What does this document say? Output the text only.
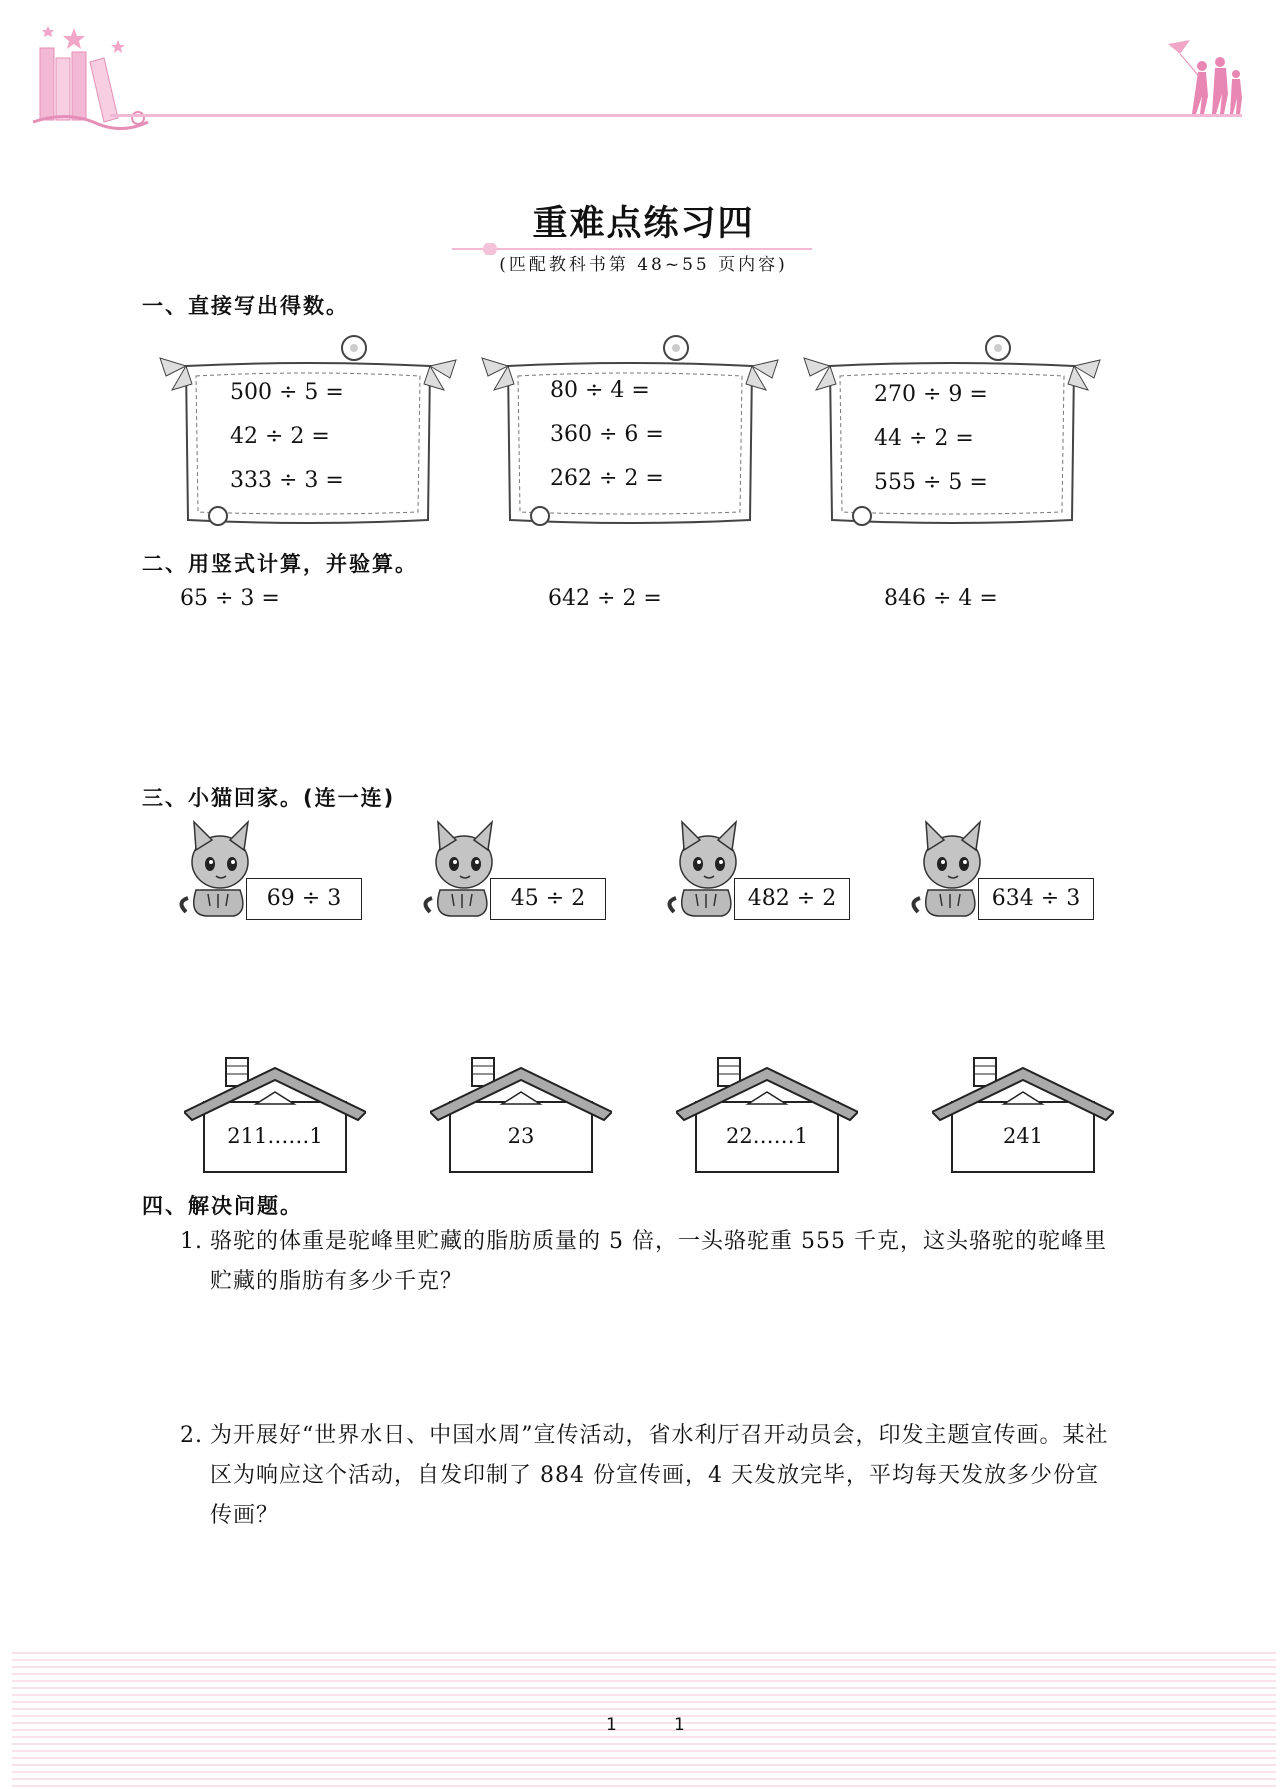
重难点练习四
(匹配教科书第 48~55 页内容)
一、直接写出得数。
500 ÷ 5 =
42 ÷ 2 =
333 ÷ 3 =
80 ÷ 4 =
360 ÷ 6 =
262 ÷ 2 =
270 ÷ 9 =
44 ÷ 2 =
555 ÷ 5 =
二、用竖式计算，并验算。
65 ÷ 3 =	642 ÷ 2 =	846 ÷ 4 =
三、小猫回家。(连一连)
69 ÷ 3	45 ÷ 2	482 ÷ 2	634 ÷ 3
211……1	23	22……1	241
四、解决问题。
1. 骆驼的体重是驼峰里贮藏的脂肪质量的 5 倍，一头骆驼重 555 千克，这头骆驼的驼峰里贮藏的脂肪有多少千克？
2. 为开展好“世界水日、中国水周”宣传活动，省水利厅召开动员会，印发主题宣传画。某社区为响应这个活动，自发印制了 884 份宣传画，4 天发放完毕，平均每天发放多少份宣传画？
1	1
